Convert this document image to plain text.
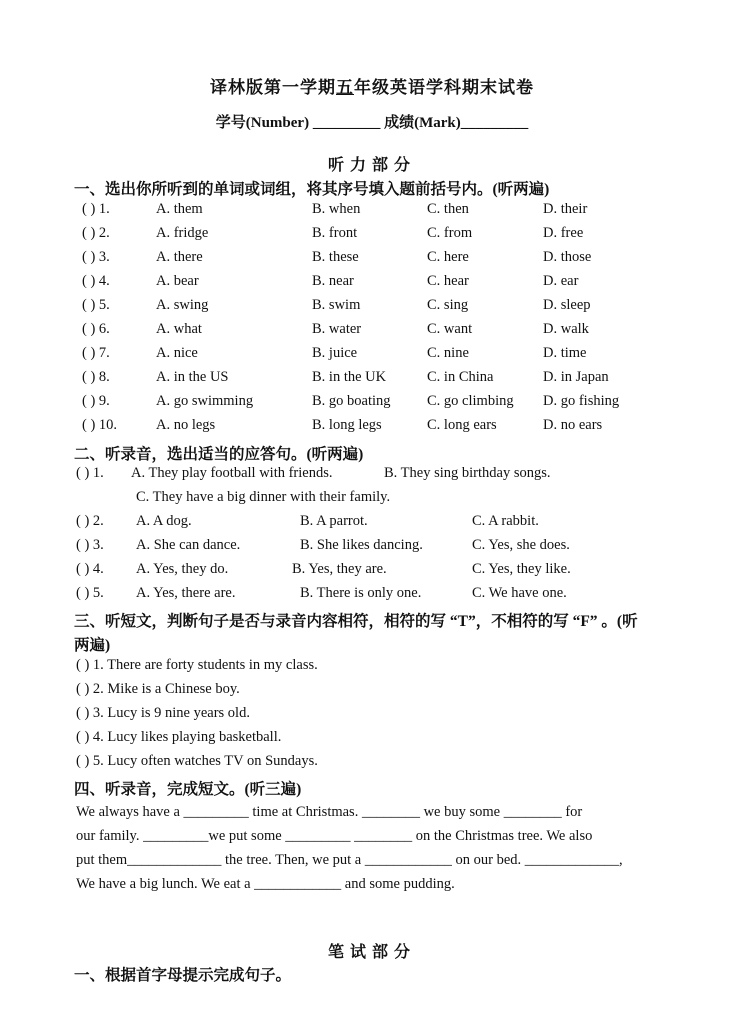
译林版第一学期五年级英语学科期末试卷
学号(Number) _________ 成绩(Mark)_________
听力部分
一、选出你所听到的单词或词组，将其序号填入题前括号内。(听两遍)
( ) 1.	A. them	B. when	C. then	D. their
( ) 2.	A. fridge	B. front	C. from	D. free
( ) 3.	A. there	B. these	C. here	D. those
( ) 4.	A. bear	B. near	C. hear	D. ear
( ) 5.	A. swing	B. swim	C. sing	D. sleep
( ) 6.	A. what	B. water	C. want	D. walk
( ) 7.	A. nice	B. juice	C. nine	D. time
( ) 8.	A. in the US	B. in the UK	C. in China	D. in Japan
( ) 9.	A. go swimming	B. go boating	C. go climbing D. go fishing
( ) 10.	A. no legs	B. long legs	C. long ears	D. no ears
二、听录音，选出适当的应答句。(听两遍)
( ) 1. A. They play football with friends.	B. They sing birthday songs.
C. They have a big dinner with their family.
( ) 2. A. A dog.	B. A parrot.	C. A rabbit.
( ) 3. A. She can dance.	B. She likes dancing.	C. Yes, she does.
( ) 4. A. Yes, they do.	B. Yes, they are.	C. Yes, they like.
( ) 5. A. Yes, there are.	B. There is only one.	C. We have one.
三、听短文，判断句子是否与录音内容相符，相符的写 “T”，不相符的写 “F” 。(听
两遍)
( ) 1. There are forty students in my class.
( ) 2. Mike is a Chinese boy.
( ) 3. Lucy is 9 nine years old.
( ) 4. Lucy likes playing basketball.
( ) 5. Lucy often watches TV on Sundays.
四、听录音，完成短文。(听三遍)
We always have a _________ time at Christmas. ________ we buy some ________ for
our family. _________we put some _________ ________ on the Christmas tree. We also
put them_____________ the tree. Then, we put a ____________ on our bed. _____________,
We have a big lunch. We eat a ____________ and some pudding.
笔试部分
一、根据首字母提示完成句子。
